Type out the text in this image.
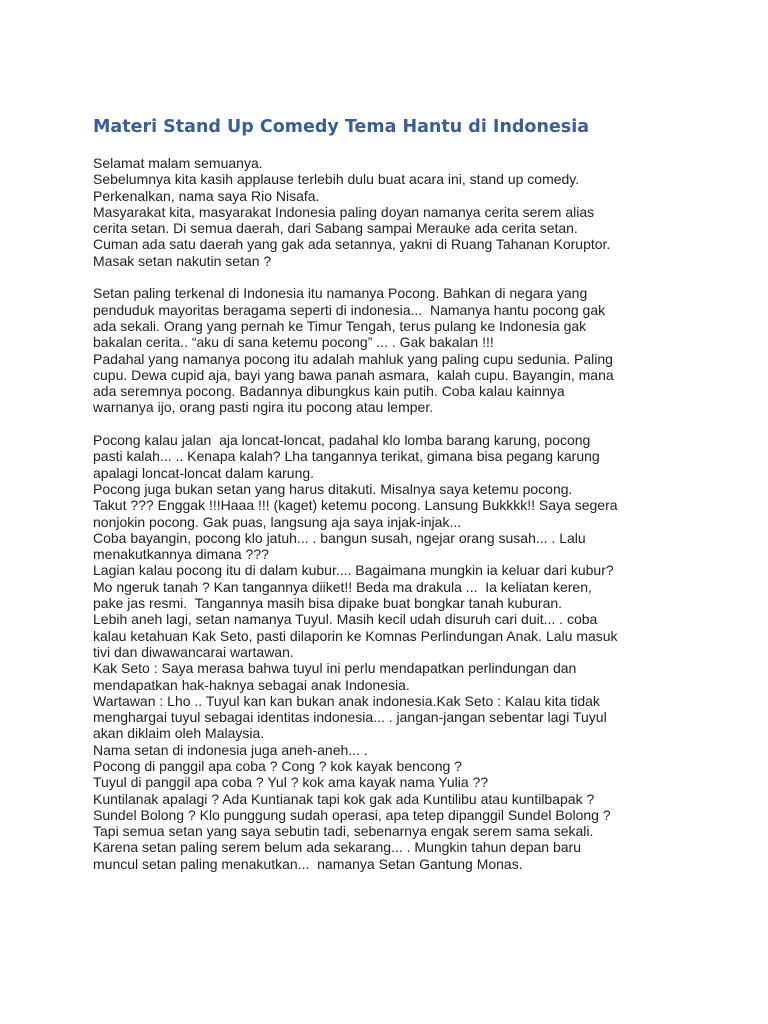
Materi Stand Up Comedy Tema Hantu di Indonesia
Selamat malam semuanya.
Sebelumnya kita kasih applause terlebih dulu buat acara ini, stand up comedy.
Perkenalkan, nama saya Rio Nisafa.
Masyarakat kita, masyarakat Indonesia paling doyan namanya cerita serem alias
cerita setan. Di semua daerah, dari Sabang sampai Merauke ada cerita setan.
Cuman ada satu daerah yang gak ada setannya, yakni di Ruang Tahanan Koruptor.
Masak setan nakutin setan ?
Setan paling terkenal di Indonesia itu namanya Pocong. Bahkan di negara yang
penduduk mayoritas beragama seperti di indonesia...  Namanya hantu pocong gak
ada sekali. Orang yang pernah ke Timur Tengah, terus pulang ke Indonesia gak
bakalan cerita.. “aku di sana ketemu pocong” ... . Gak bakalan !!!
Padahal yang namanya pocong itu adalah mahluk yang paling cupu sedunia. Paling
cupu. Dewa cupid aja, bayi yang bawa panah asmara,  kalah cupu. Bayangin, mana
ada seremnya pocong. Badannya dibungkus kain putih. Coba kalau kainnya
warnanya ijo, orang pasti ngira itu pocong atau lemper.
Pocong kalau jalan  aja loncat-loncat, padahal klo lomba barang karung, pocong
pasti kalah... .. Kenapa kalah? Lha tangannya terikat, gimana bisa pegang karung
apalagi loncat-loncat dalam karung.
Pocong juga bukan setan yang harus ditakuti. Misalnya saya ketemu pocong.
Takut ??? Enggak !!!Haaa !!! (kaget) ketemu pocong. Lansung Bukkkk!! Saya segera
nonjokin pocong. Gak puas, langsung aja saya injak-injak...
Coba bayangin, pocong klo jatuh... . bangun susah, ngejar orang susah... . Lalu
menakutkannya dimana ???
Lagian kalau pocong itu di dalam kubur.... Bagaimana mungkin ia keluar dari kubur?
Mo ngeruk tanah ? Kan tangannya diiket!! Beda ma drakula ...  Ia keliatan keren,
pake jas resmi.  Tangannya masih bisa dipake buat bongkar tanah kuburan.
Lebih aneh lagi, setan namanya Tuyul. Masih kecil udah disuruh cari duit... . coba
kalau ketahuan Kak Seto, pasti dilaporin ke Komnas Perlindungan Anak. Lalu masuk
tivi dan diwawancarai wartawan.
Kak Seto : Saya merasa bahwa tuyul ini perlu mendapatkan perlindungan dan
mendapatkan hak-haknya sebagai anak Indonesia.
Wartawan : Lho .. Tuyul kan kan bukan anak indonesia.Kak Seto : Kalau kita tidak
menghargai tuyul sebagai identitas indonesia... . jangan-jangan sebentar lagi Tuyul
akan diklaim oleh Malaysia.
Nama setan di indonesia juga aneh-aneh... .
Pocong di panggil apa coba ? Cong ? kok kayak bencong ?
Tuyul di panggil apa coba ? Yul ? kok ama kayak nama Yulia ??
Kuntilanak apalagi ? Ada Kuntianak tapi kok gak ada Kuntilibu atau kuntilbapak ?
Sundel Bolong ? Klo punggung sudah operasi, apa tetep dipanggil Sundel Bolong ?
Tapi semua setan yang saya sebutin tadi, sebenarnya engak serem sama sekali.
Karena setan paling serem belum ada sekarang... . Mungkin tahun depan baru
muncul setan paling menakutkan...  namanya Setan Gantung Monas.
